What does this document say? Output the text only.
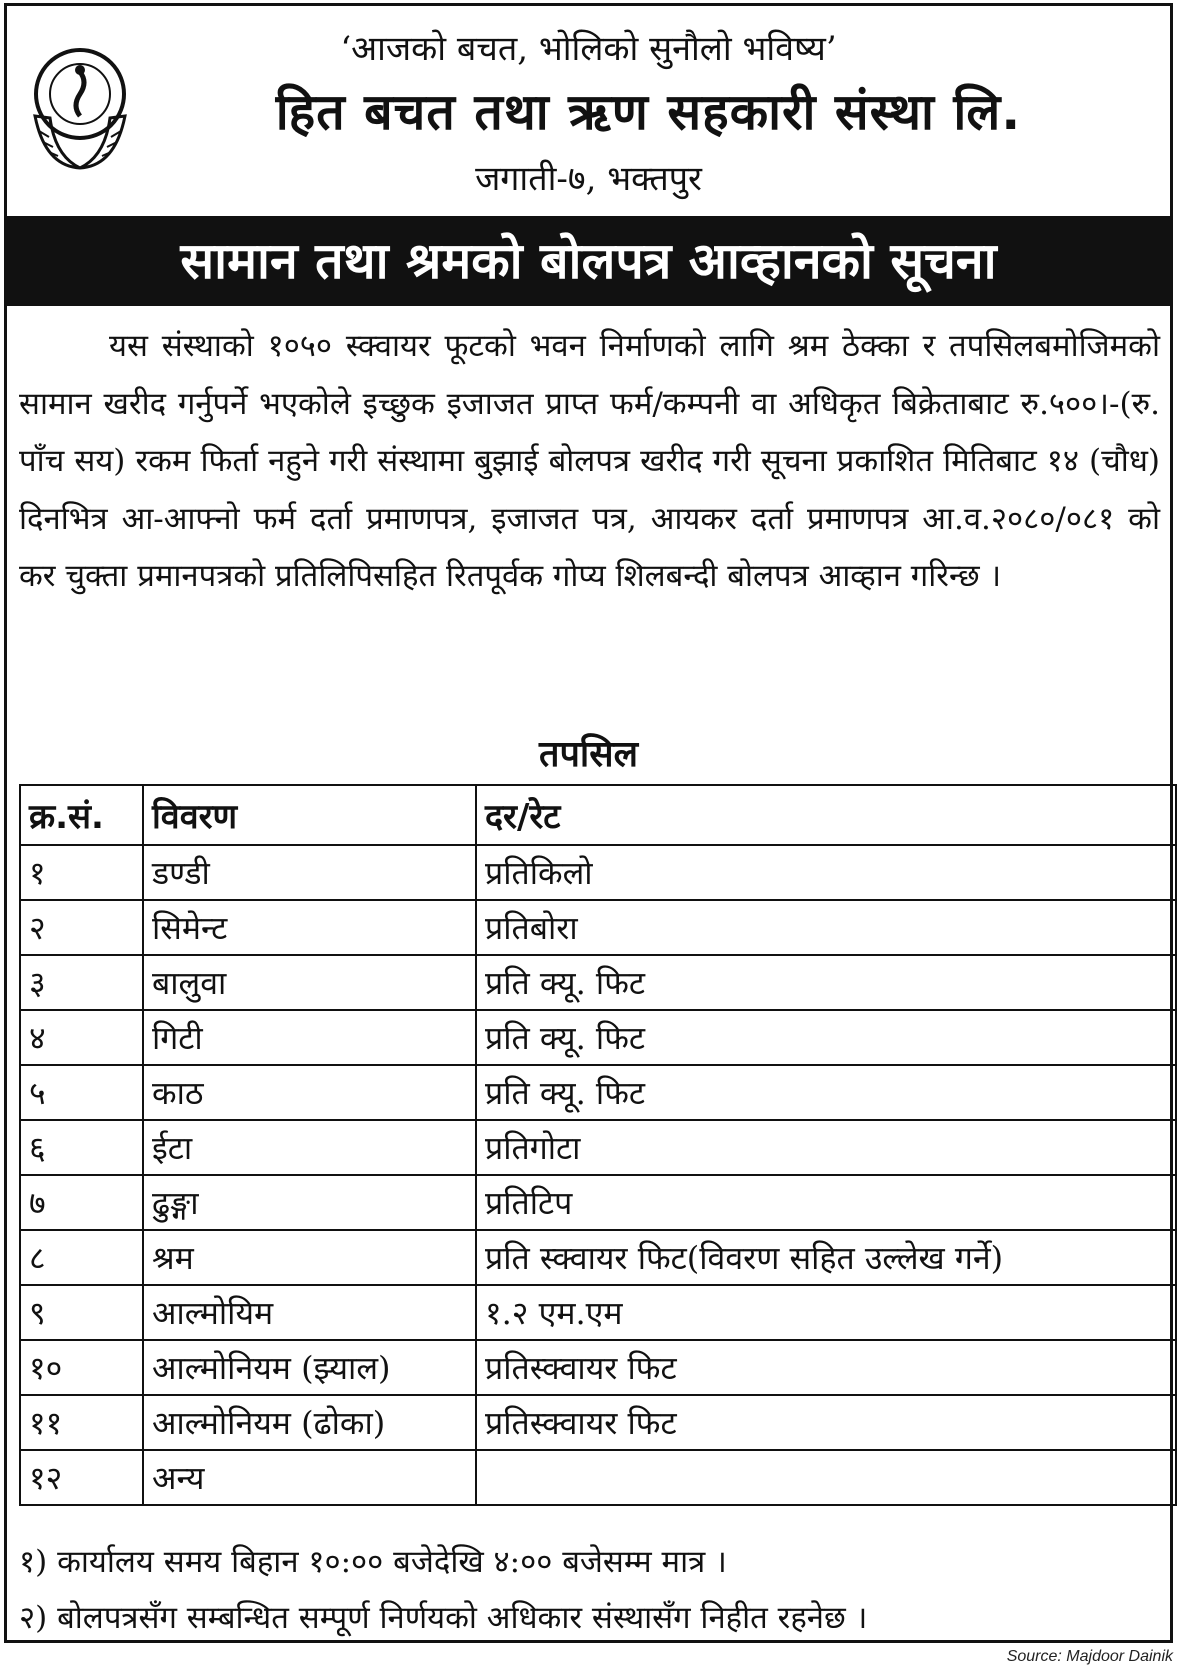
‘आजको बचत, भोलिको सुनौलो भविष्य’
हित बचत तथा ऋण सहकारी संस्था लि.
जगाती-७, भक्तपुर
सामान तथा श्रमको बोलपत्र आव्हानको सूचना
यस संस्थाको १०५० स्क्वायर फूटको भवन निर्माणको लागि श्रम ठेक्का र तपसिलबमोजिमको सामान खरीद गर्नुपर्ने भएकोले इच्छुक इजाजत प्राप्त फर्म/कम्पनी वा अधिकृत बिक्रेताबाट रु.५००।-(रु. पाँच सय) रकम फिर्ता नहुने गरी संस्थामा बुझाई बोलपत्र खरीद गरी सूचना प्रकाशित मितिबाट १४ (चौध) दिनभित्र आ-आफ्नो फर्म दर्ता प्रमाणपत्र, इजाजत पत्र, आयकर दर्ता प्रमाणपत्र आ.व.२०८०/०८१ को कर चुक्ता प्रमानपत्रको प्रतिलिपिसहित रितपूर्वक गोप्य शिलबन्दी बोलपत्र आव्हान गरिन्छ ।
तपसिल
क्र.सं.	विवरण	दर/रेट
१	डण्डी	प्रतिकिलो
२	सिमेन्ट	प्रतिबोरा
३	बालुवा	प्रति क्यू. फिट
४	गिटी	प्रति क्यू. फिट
५	काठ	प्रति क्यू. फिट
६	ईटा	प्रतिगोटा
७	ढुङ्गा	प्रतिटिप
८	श्रम	प्रति स्क्वायर फिट(विवरण सहित उल्लेख गर्ने)
९	आल्मोयिम	१.२ एम.एम
१०	आल्मोनियम (झ्याल)	प्रतिस्क्वायर फिट
११	आल्मोनियम (ढोका)	प्रतिस्क्वायर फिट
१२	अन्य	
१) कार्यालय समय बिहान १०:०० बजेदेखि ४:०० बजेसम्म मात्र ।
२) बोलपत्रसँग सम्बन्धित सम्पूर्ण निर्णयको अधिकार संस्थासँग निहीत रहनेछ ।
Source: Majdoor Dainik
